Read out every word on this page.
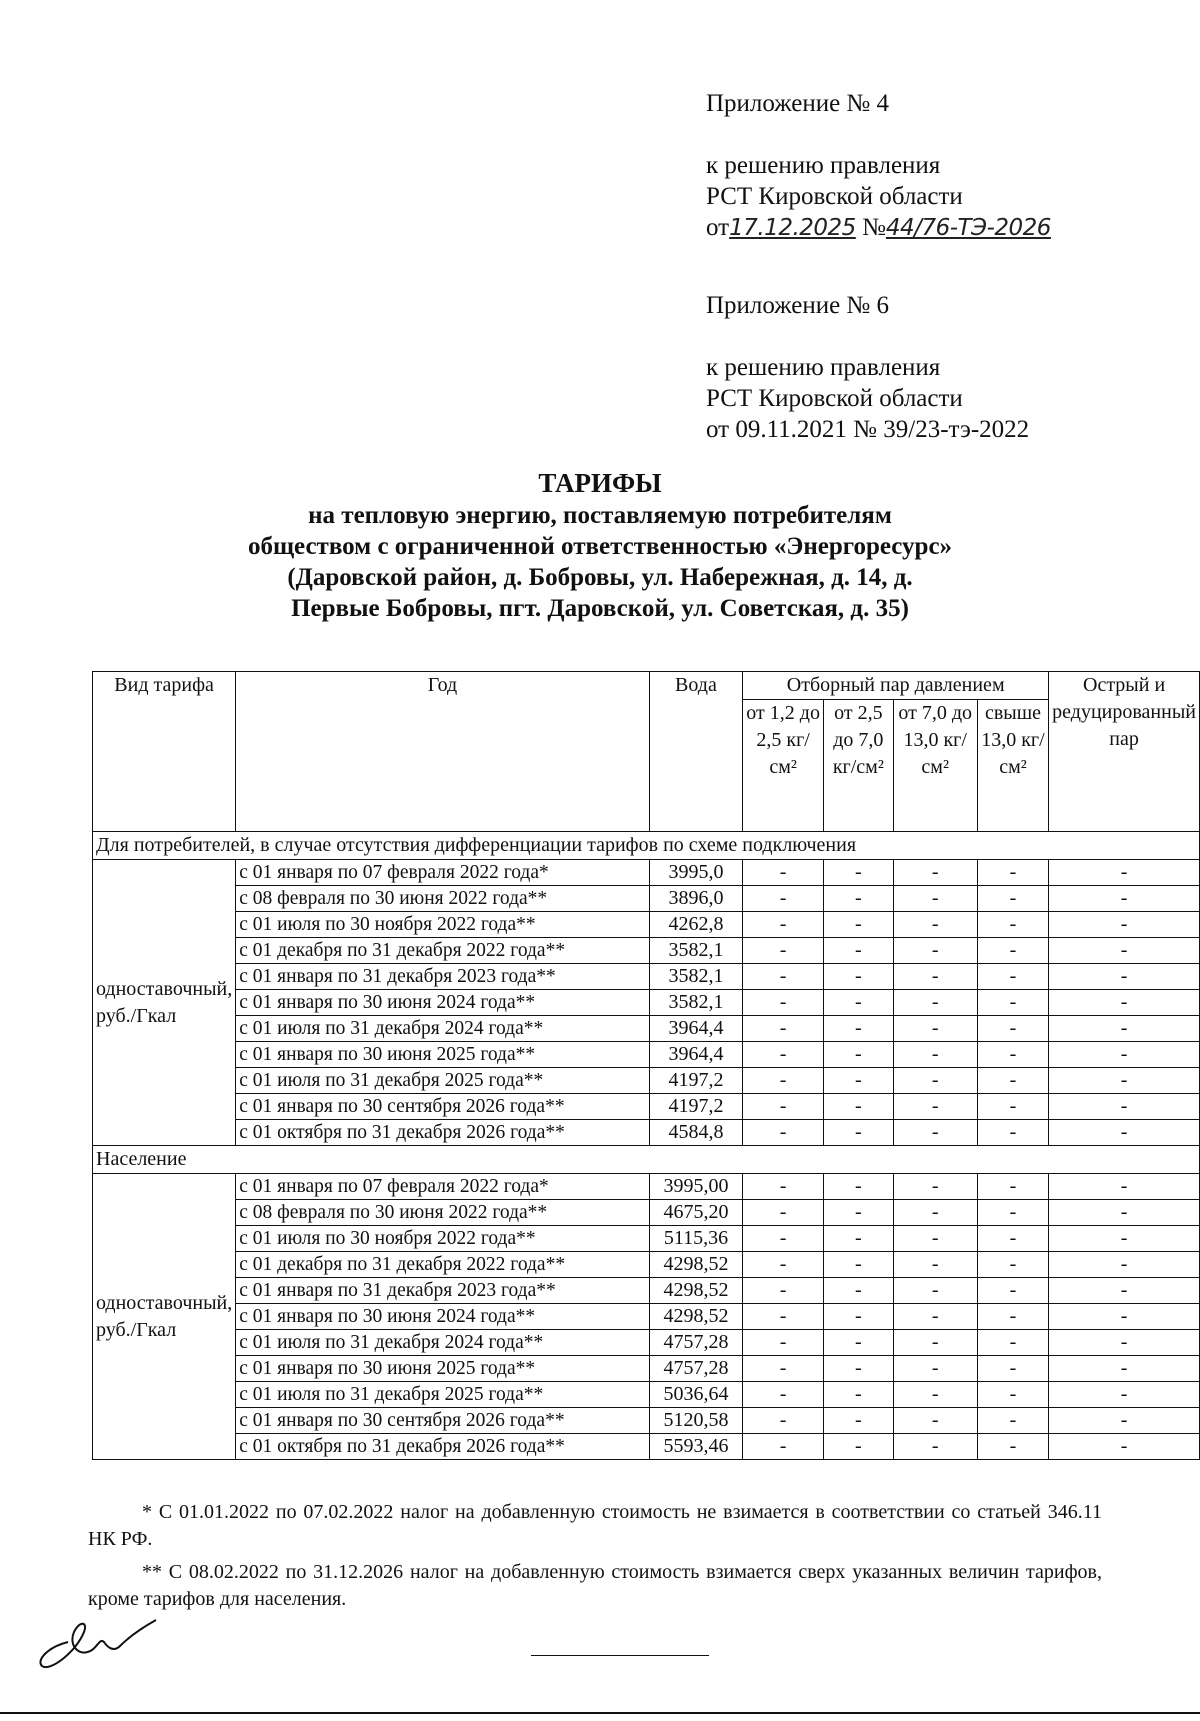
Приложение № 4
к решению правления
РСТ Кировской области
от17.12.2025 №44/76-ТЭ-2026
Приложение № 6
к решению правления
РСТ Кировской области
от 09.11.2021 № 39/23-тэ-2022
ТАРИФЫ
на тепловую энергию, поставляемую потребителям
обществом с ограниченной ответственностью «Энергоресурс»
(Даровской район, д. Бобровы, ул. Набережная, д. 14, д.
Первые Бобровы, пгт. Даровской, ул. Советская, д. 35)
Вид тарифа	Год	Вода	Отборный пар давлением				Острый и редуцированный пар
			от 1,2 до 2,5 кг/см²	от 2,5 до 7,0 кг/см²	от 7,0 до 13,0 кг/см²	свыше 13,0 кг/см²	
Для потребителей, в случае отсутствия дифференциации тарифов по схеме подключения							
одноставочный, руб./Гкал	с 01 января по 07 февраля 2022 года*	3995,0	-	-	-	-	-
	с 08 февраля по 30 июня 2022 года**	3896,0	-	-	-	-	-
	с 01 июля по 30 ноября 2022 года**	4262,8	-	-	-	-	-
	с 01 декабря по 31 декабря 2022 года**	3582,1	-	-	-	-	-
	с 01 января по 31 декабря 2023 года**	3582,1	-	-	-	-	-
	с 01 января по 30 июня 2024 года**	3582,1	-	-	-	-	-
	с 01 июля по 31 декабря 2024 года**	3964,4	-	-	-	-	-
	с 01 января по 30 июня 2025 года**	3964,4	-	-	-	-	-
	с 01 июля по 31 декабря 2025 года**	4197,2	-	-	-	-	-
	с 01 января по 30 сентября 2026 года**	4197,2	-	-	-	-	-
	с 01 октября по 31 декабря 2026 года**	4584,8	-	-	-	-	-
Население							
одноставочный, руб./Гкал	с 01 января по 07 февраля 2022 года*	3995,00	-	-	-	-	-
	с 08 февраля по 30 июня 2022 года**	4675,20	-	-	-	-	-
	с 01 июля по 30 ноября 2022 года**	5115,36	-	-	-	-	-
	с 01 декабря по 31 декабря 2022 года**	4298,52	-	-	-	-	-
	с 01 января по 31 декабря 2023 года**	4298,52	-	-	-	-	-
	с 01 января по 30 июня 2024 года**	4298,52	-	-	-	-	-
	с 01 июля по 31 декабря 2024 года**	4757,28	-	-	-	-	-
	с 01 января по 30 июня 2025 года**	4757,28	-	-	-	-	-
	с 01 июля по 31 декабря 2025 года**	5036,64	-	-	-	-	-
	с 01 января по 30 сентября 2026 года**	5120,58	-	-	-	-	-
	с 01 октября по 31 декабря 2026 года**	5593,46	-	-	-	-	-

* С 01.01.2022 по 07.02.2022 налог на добавленную стоимость не взимается в соответствии со статьей 346.11 НК РФ.

** С 08.02.2022 по 31.12.2026 налог на добавленную стоимость взимается сверх указанных величин тарифов, кроме тарифов для населения.
